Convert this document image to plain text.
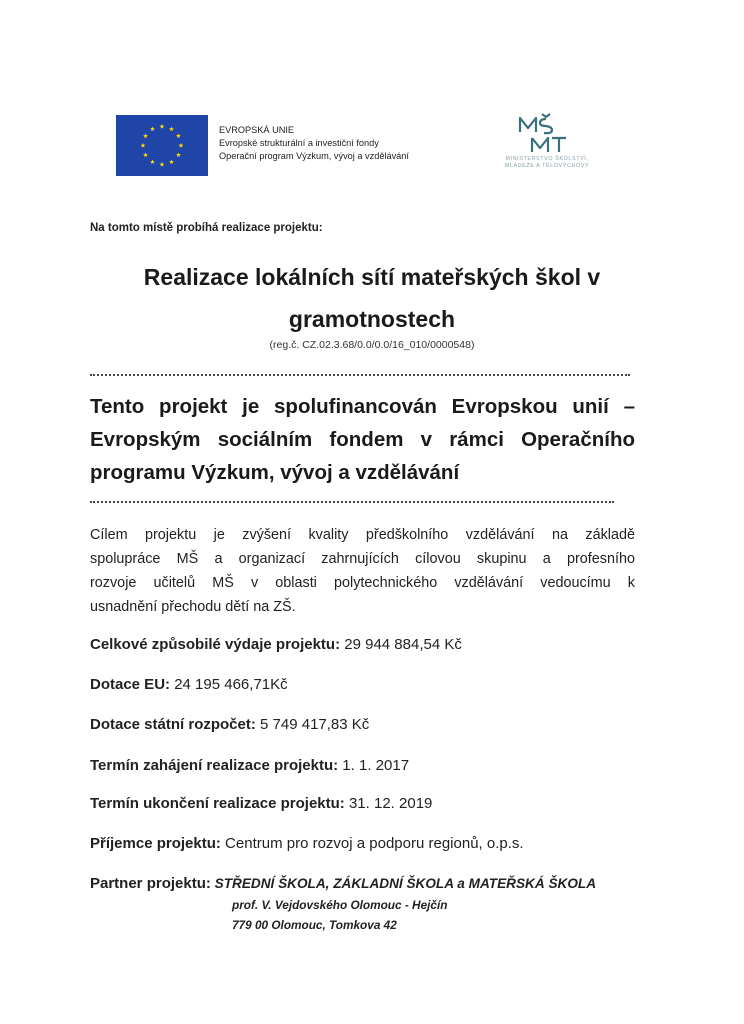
EVROPSKÁ UNIE
Evropské strukturální a investiční fondy
Operační program Výzkum, vývoj a vzdělávání	MINISTERSTVO ŠKOLSTVÍ,
MLÁDEŽE A TĚLOVÝCHOVY
Na tomto místě probíhá realizace projektu:
Realizace lokálních sítí mateřských škol v
gramotnostech
(reg.č. CZ.02.3.68/0.0/0.0/16_010/0000548)
Tento projekt je spolufinancován Evropskou unií –
Evropským sociálním fondem v rámci Operačního
programu Výzkum, vývoj a vzdělávání
Cílem projektu je zvýšení kvality předškolního vzdělávání na základě
spolupráce MŠ a organizací zahrnujících cílovou skupinu a profesního
rozvoje učitelů MŠ v oblasti polytechnického vzdělávání vedoucímu k
usnadnění přechodu dětí na ZŠ.
Celkové způsobilé výdaje projektu: 29 944 884,54 Kč
Dotace EU: 24 195 466,71Kč
Dotace státní rozpočet: 5 749 417,83 Kč
Termín zahájení realizace projektu: 1. 1. 2017
Termín ukončení realizace projektu: 31. 12. 2019
Příjemce projektu: Centrum pro rozvoj a podporu regionů, o.p.s.
Partner projektu: STŘEDNÍ ŠKOLA, ZÁKLADNÍ ŠKOLA a MATEŘSKÁ ŠKOLA
prof. V. Vejdovského Olomouc - Hejčín
779 00 Olomouc, Tomkova 42
